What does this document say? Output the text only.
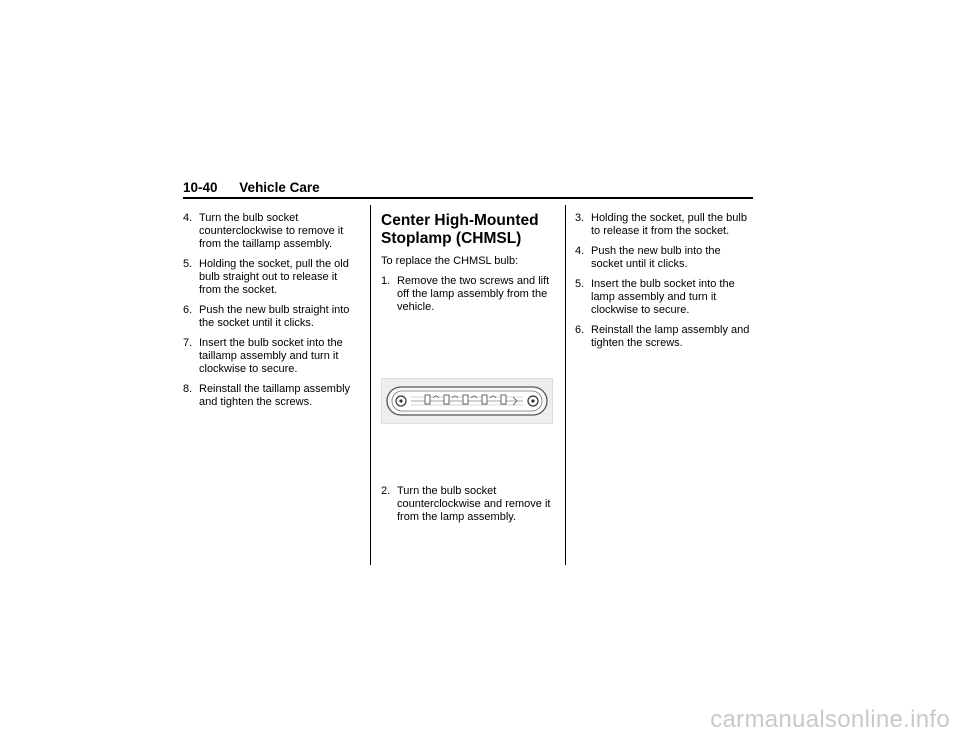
10-40 Vehicle Care
4. Turn the bulb socket counterclockwise to remove it from the taillamp assembly.
5. Holding the socket, pull the old bulb straight out to release it from the socket.
6. Push the new bulb straight into the socket until it clicks.
7. Insert the bulb socket into the taillamp assembly and turn it clockwise to secure.
8. Reinstall the taillamp assembly and tighten the screws.
Center High-Mounted Stoplamp (CHMSL)
To replace the CHMSL bulb:
1. Remove the two screws and lift off the lamp assembly from the vehicle.
2. Turn the bulb socket counterclockwise and remove it from the lamp assembly.
3. Holding the socket, pull the bulb to release it from the socket.
4. Push the new bulb into the socket until it clicks.
5. Insert the bulb socket into the lamp assembly and turn it clockwise to secure.
6. Reinstall the lamp assembly and tighten the screws.
carmanualsonline.info
